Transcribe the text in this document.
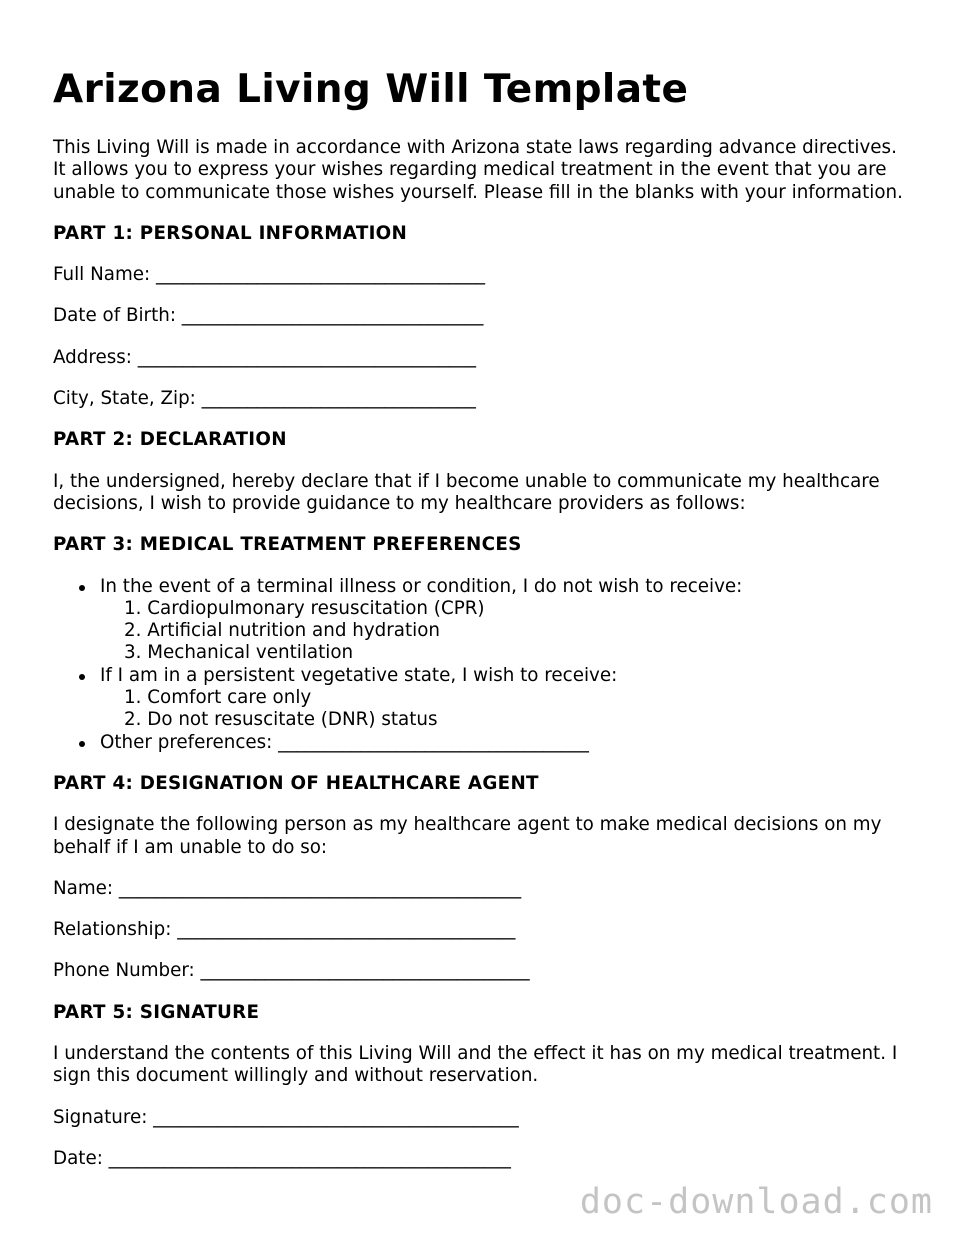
Arizona Living Will Template

This Living Will is made in accordance with Arizona state laws regarding advance directives. It allows you to express your wishes regarding medical treatment in the event that you are unable to communicate those wishes yourself. Please fill in the blanks with your information.

PART 1: PERSONAL INFORMATION

Full Name: ____________________________________

Date of Birth: _________________________________

Address: _____________________________________

City, State, Zip: ______________________________

PART 2: DECLARATION

I, the undersigned, hereby declare that if I become unable to communicate my healthcare decisions, I wish to provide guidance to my healthcare providers as follows:

PART 3: MEDICAL TREATMENT PREFERENCES
In the event of a terminal illness or condition, I do not wish to receive:
1. Cardiopulmonary resuscitation (CPR)
2. Artificial nutrition and hydration
3. Mechanical ventilation
If I am in a persistent vegetative state, I wish to receive:
1. Comfort care only
2. Do not resuscitate (DNR) status
Other preferences: __________________________________
PART 4: DESIGNATION OF HEALTHCARE AGENT

I designate the following person as my healthcare agent to make medical decisions on my behalf if I am unable to do so:

Name: ____________________________________________

Relationship: _____________________________________

Phone Number: ____________________________________

PART 5: SIGNATURE

I understand the contents of this Living Will and the effect it has on my medical treatment. I sign this document willingly and without reservation.

Signature: ________________________________________

Date: ____________________________________________

doc-download.com
